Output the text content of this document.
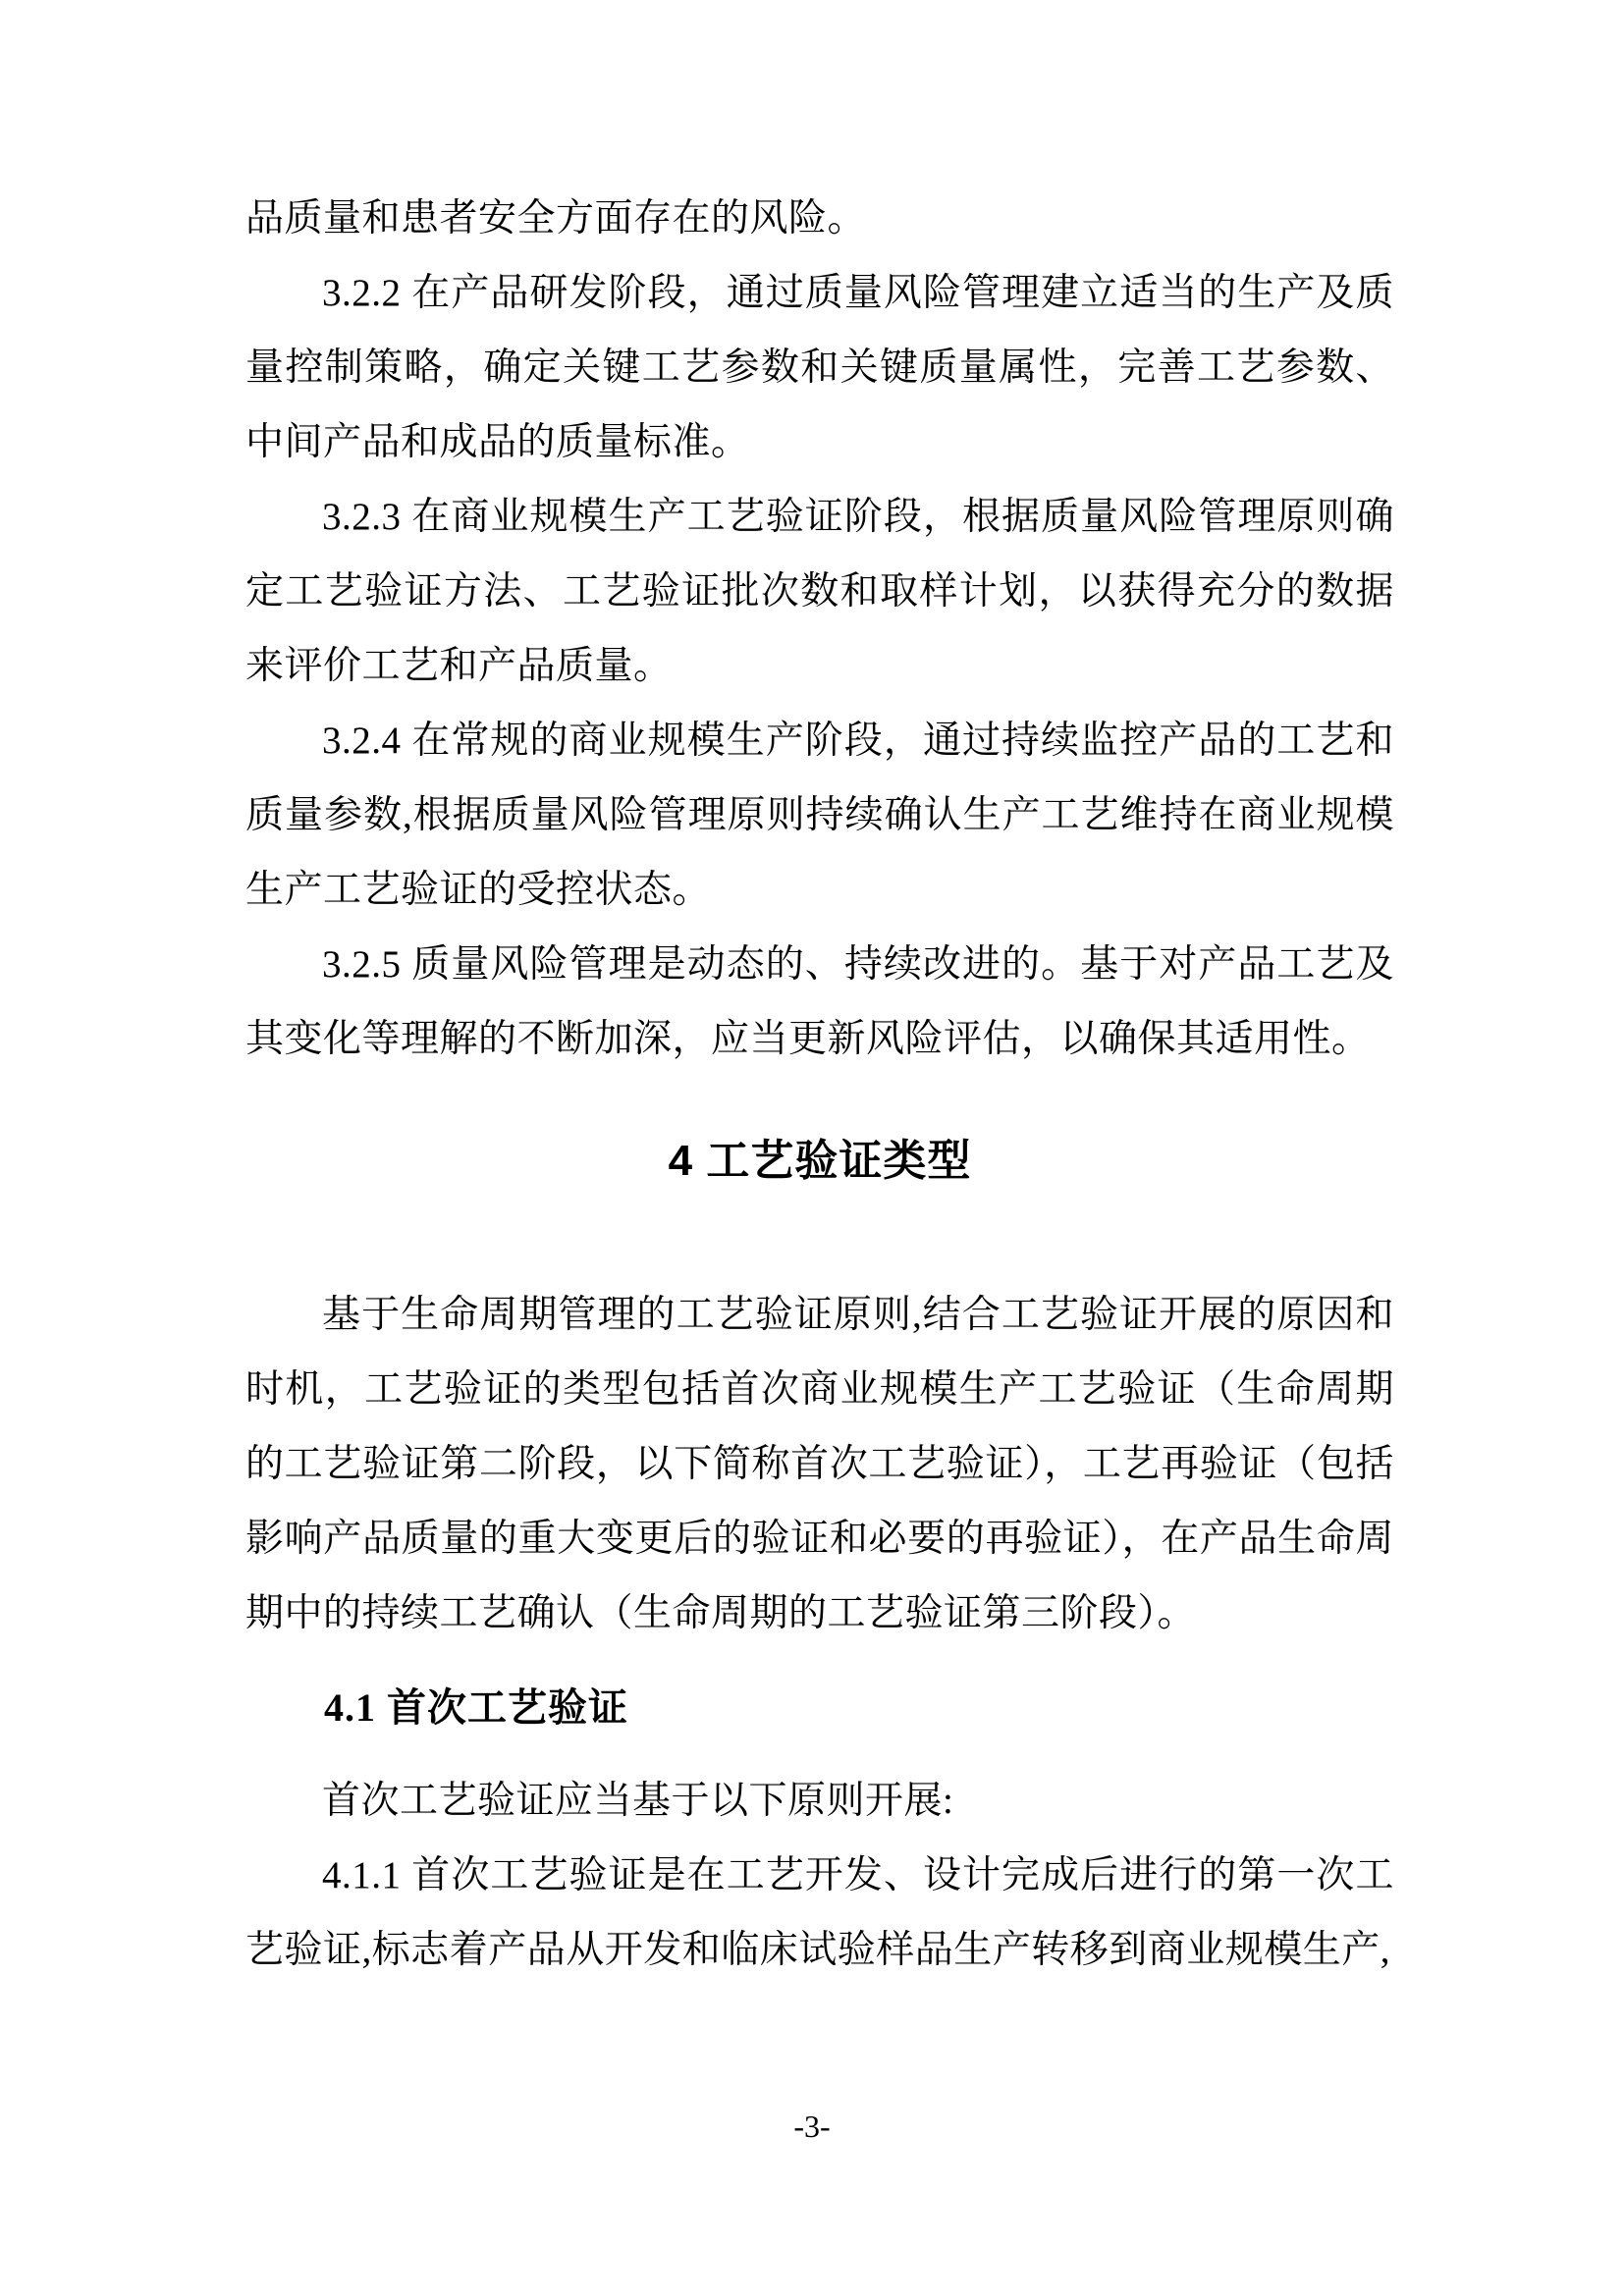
品质量和患者安全方面存在的风险。

3.2.2 在产品研发阶段，通过质量风险管理建立适当的生产及质量控制策略，确定关键工艺参数和关键质量属性，完善工艺参数、中间产品和成品的质量标准。

3.2.3 在商业规模生产工艺验证阶段，根据质量风险管理原则确定工艺验证方法、工艺验证批次数和取样计划，以获得充分的数据来评价工艺和产品质量。

3.2.4 在常规的商业规模生产阶段，通过持续监控产品的工艺和质量参数,根据质量风险管理原则持续确认生产工艺维持在商业规模生产工艺验证的受控状态。

3.2.5 质量风险管理是动态的、持续改进的。基于对产品工艺及其变化等理解的不断加深，应当更新风险评估，以确保其适用性。

4 工艺验证类型

基于生命周期管理的工艺验证原则,结合工艺验证开展的原因和时机，工艺验证的类型包括首次商业规模生产工艺验证（生命周期的工艺验证第二阶段，以下简称首次工艺验证），工艺再验证（包括影响产品质量的重大变更后的验证和必要的再验证），在产品生命周期中的持续工艺确认（生命周期的工艺验证第三阶段）。

4.1 首次工艺验证

首次工艺验证应当基于以下原则开展:

4.1.1 首次工艺验证是在工艺开发、设计完成后进行的第一次工艺验证,标志着产品从开发和临床试验样品生产转移到商业规模生产,

-3-
